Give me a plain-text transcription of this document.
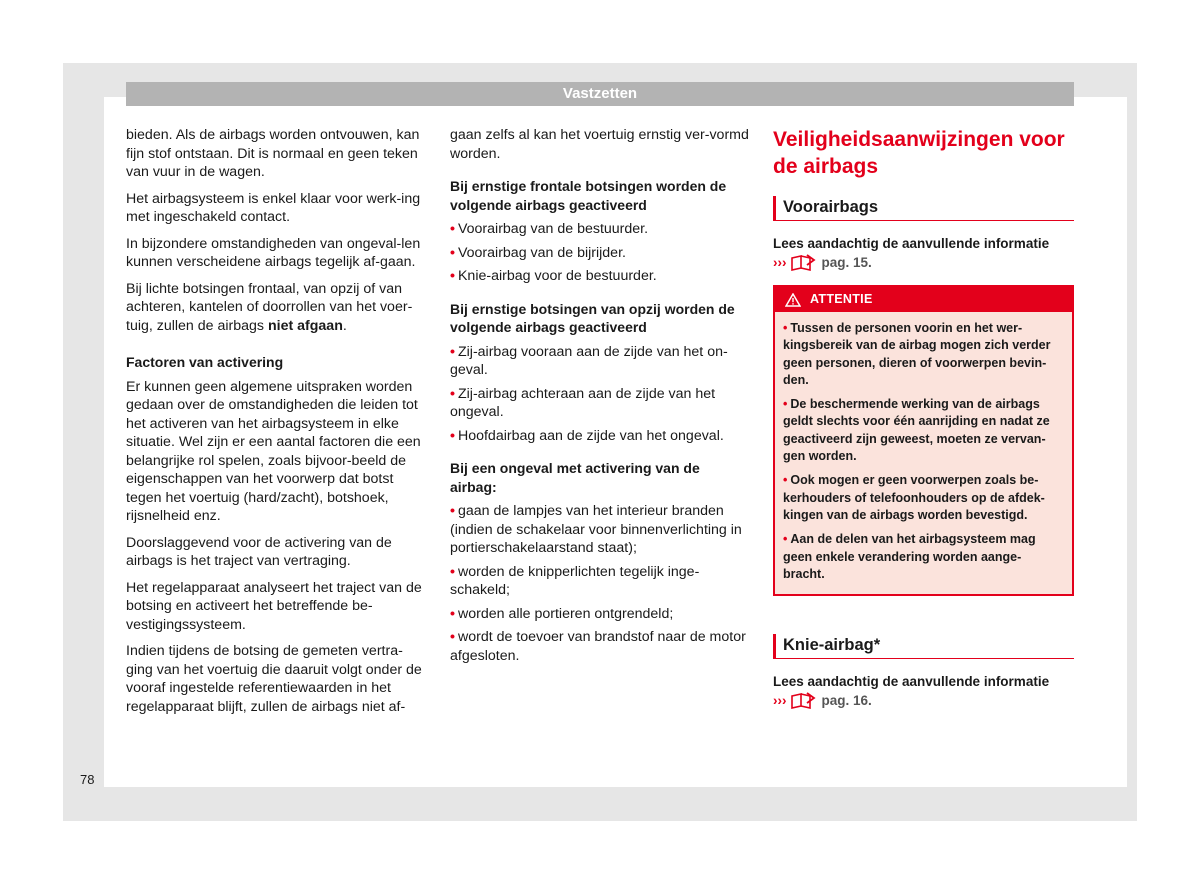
Vastzetten

bieden. Als de airbags worden ontvouwen, kan fijn stof ontstaan. Dit is normaal en geen teken van vuur in de wagen.

Het airbagsysteem is enkel klaar voor werk-ing met ingeschakeld contact.

In bijzondere omstandigheden van ongeval-len kunnen verscheidene airbags tegelijk af-gaan.

Bij lichte botsingen frontaal, van opzij of van achteren, kantelen of doorrollen van het voer-tuig, zullen de airbags niet afgaan.

Factoren van activering

Er kunnen geen algemene uitspraken worden gedaan over de omstandigheden die leiden tot het activeren van het airbagsysteem in elke situatie. Wel zijn er een aantal factoren die een belangrijke rol spelen, zoals bijvoor-beeld de eigenschappen van het voorwerp dat botst tegen het voertuig (hard/zacht), botshoek, rijsnelheid enz.

Doorslaggevend voor de activering van de airbags is het traject van vertraging.

Het regelapparaat analyseert het traject van de botsing en activeert het betreffende be-vestigingssysteem.

Indien tijdens de botsing de gemeten vertra-ging van het voertuig die daaruit volgt onder de vooraf ingestelde referentiewaarden in het regelapparaat blijft, zullen de airbags niet af-

gaan zelfs al kan het voertuig ernstig ver-vormd worden.

Bij ernstige frontale botsingen worden de volgende airbags geactiveerd
• Voorairbag van de bestuurder.
• Voorairbag van de bijrijder.
• Knie-airbag voor de bestuurder.
Bij ernstige botsingen van opzij worden de volgende airbags geactiveerd
• Zij-airbag vooraan aan de zijde van het on-geval.
• Zij-airbag achteraan aan de zijde van het ongeval.
• Hoofdairbag aan de zijde van het ongeval.
Bij een ongeval met activering van de airbag:
• gaan de lampjes van het interieur branden (indien de schakelaar voor binnenverlichting in portierschakelaarstand staat);
• worden de knipperlichten tegelijk inge-schakeld;
• worden alle portieren ontgrendeld;
• wordt de toevoer van brandstof naar de motor afgesloten.
Veiligheidsaanwijzingen voor de airbags
Voorairbags
Lees aandachtig de aanvullende informatie
›››	pag. 15.
ATTENTIE

• Tussen de personen voorin en het wer-kingsbereik van de airbag mogen zich verder geen personen, dieren of voorwerpen bevin-den.

• De beschermende werking van de airbags geldt slechts voor één aanrijding en nadat ze geactiveerd zijn geweest, moeten ze vervan-gen worden.

• Ook mogen er geen voorwerpen zoals be-kerhouders of telefoonhouders op de afdek-kingen van de airbags worden bevestigd.

• Aan de delen van het airbagsysteem mag geen enkele verandering worden aange-bracht.

Knie-airbag*
Lees aandachtig de aanvullende informatie
›››	pag. 16.
78
